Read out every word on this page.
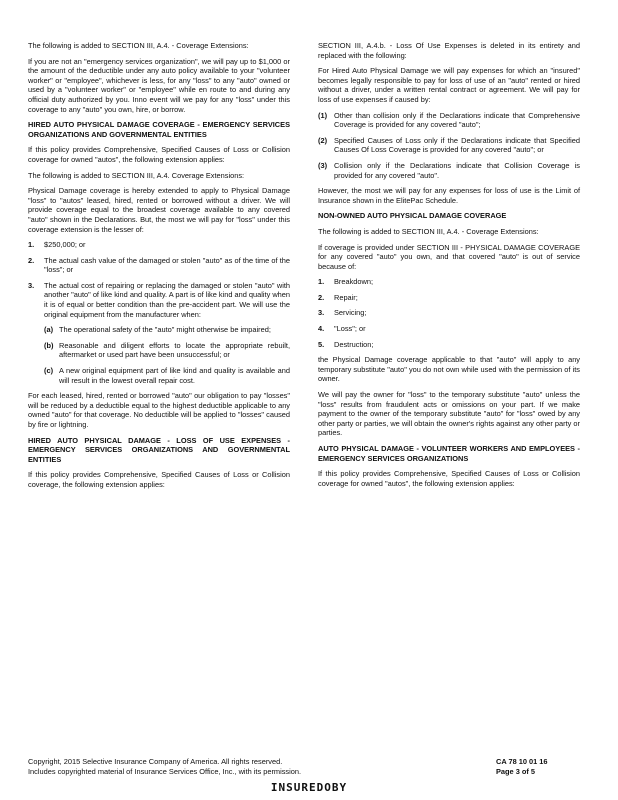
The following is added to SECTION III, A.4. - Coverage Extensions:

If you are not an "emergency services organization", we will pay up to $1,000 or the amount of the deductible under any auto policy available to your "volunteer worker" or "employee", whichever is less, for any "loss" to any "auto" owned or used by a "volunteer worker" or "employee" while en route to and during any official duty authorized by you. Inno event will we pay for any "loss" under this coverage to any "auto" you own, hire, or borrow.

HIRED AUTO PHYSICAL DAMAGE COVERAGE - EMERGENCY SERVICES ORGANIZATIONS AND GOVERNMENTAL ENTITIES

If this policy provides Comprehensive, Specified Causes of Loss or Collision coverage for owned "autos", the following extension applies:

The following is added to SECTION III, A.4. Coverage Extensions:

Physical Damage coverage is hereby extended to apply to Physical Damage "loss" to "autos" leased, hired, rented or borrowed without a driver. We will provide coverage equal to the broadest coverage available to any covered "auto" shown in the Declarations. But, the most we will pay for "loss" under this coverage extension is the lesser of:

1.	$250,000; or
2.	The actual cash value of the damaged or stolen "auto" as of the time of the "loss"; or
3.	The actual cost of repairing or replacing the damaged or stolen "auto" with another "auto" of like kind and quality. A part is of like kind and quality when it is of equal or better condition than the pre-accident part. We will use the original equipment from the manufacturer when:
(a) The operational safety of the "auto" might otherwise be impaired;
(b) Reasonable and diligent efforts to locate the appropriate rebuilt, aftermarket or used part have been unsuccessful; or
(c) A new original equipment part of like kind and quality is available and will result in the lowest overall repair cost.

For each leased, hired, rented or borrowed "auto" our obligation to pay "losses" will be reduced by a deductible equal to the highest deductible applicable to any owned "auto" for that coverage. No deductible will be applied to "losses" caused by fire or lightning.

HIRED AUTO PHYSICAL DAMAGE - LOSS OF USE EXPENSES - EMERGENCY SERVICES ORGANIZATIONS AND GOVERNMENTAL ENTITIES

If this policy provides Comprehensive, Specified Causes of Loss or Collision coverage, the following extension applies:

SECTION III, A.4.b. - Loss Of Use Expenses is deleted in its entirety and replaced with the following:

For Hired Auto Physical Damage we will pay expenses for which an "insured" becomes legally responsible to pay for loss of use of an "auto" rented or hired without a driver, under a written rental contract or agreement. We will pay for loss of use expenses if caused by:

(1) Other than collision only if the Declarations indicate that Comprehensive Coverage is provided for any covered "auto";
(2) Specified Causes of Loss only if the Declarations indicate that Specified Causes Of Loss Coverage is provided for any covered "auto"; or
(3) Collision only if the Declarations indicate that Collision Coverage is provided for any covered "auto".

However, the most we will pay for any expenses for loss of use is the Limit of Insurance shown in the ElitePac Schedule.

NON-OWNED AUTO PHYSICAL DAMAGE COVERAGE

The following is added to SECTION III, A.4. - Coverage Extensions:

If coverage is provided under SECTION III - PHYSICAL DAMAGE COVERAGE for any covered "auto" you own, and that covered "auto" is out of service because of:

1.	Breakdown;
2.	Repair;
3.	Servicing;
4.	"Loss"; or
5.	Destruction;

the Physical Damage coverage applicable to that "auto" will apply to any temporary substitute "auto" you do not own while used with the permission of its owner.

We will pay the owner for "loss" to the temporary substitute "auto" unless the "loss" results from fraudulent acts or omissions on your part. If we make payment to the owner of the temporary substitute "auto" for "loss" owed by any other party or parties, we will obtain the owner's rights against any other party or parties.

AUTO PHYSICAL DAMAGE - VOLUNTEER WORKERS AND EMPLOYEES - EMERGENCY SERVICES ORGANIZATIONS

If this policy provides Comprehensive, Specified Causes of Loss or Collision coverage for owned "autos", the following extension applies:

Copyright, 2015 Selective Insurance Company of America. All rights reserved.
Includes copyrighted material of Insurance Services Office, Inc., with its permission.
CA 78 10 01 16
Page 3 of 5
INSUREDOBY
